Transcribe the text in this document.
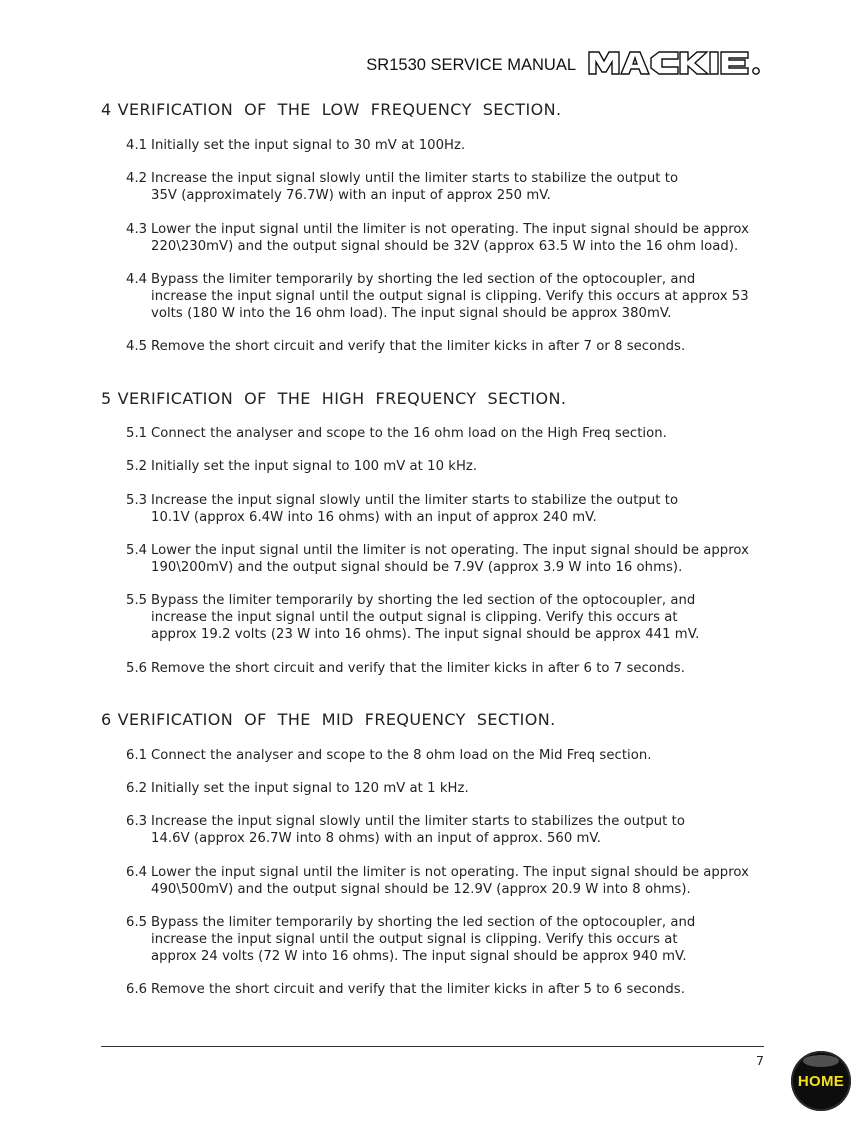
SR1530 SERVICE MANUAL
MACKIE
4 VERIFICATION  OF  THE  LOW  FREQUENCY  SECTION.
4.1 Initially set the input signal to 30 mV at 100Hz.
4.2 Increase the input signal slowly until the limiter starts to stabilize the output to
35V (approximately 76.7W) with an input of approx 250 mV.
4.3 Lower the input signal until the limiter is not operating. The input signal should be approx
220\230mV) and the output signal should be 32V (approx 63.5 W into the 16 ohm load).
4.4 Bypass the limiter temporarily by shorting the led section of the optocoupler, and
increase the input signal until the output signal is clipping. Verify this occurs at approx 53
volts (180 W into the 16 ohm load). The input signal should be approx 380mV.
4.5 Remove the short circuit and verify that the limiter kicks in after 7 or 8 seconds.
5 VERIFICATION  OF  THE  HIGH  FREQUENCY  SECTION.
5.1 Connect the analyser and scope to the 16 ohm load on the High Freq section.
5.2 Initially set the input signal to 100 mV at 10 kHz.
5.3 Increase the input signal slowly until the limiter starts to stabilize the output to
10.1V (approx 6.4W into 16 ohms) with an input of approx 240 mV.
5.4 Lower the input signal until the limiter is not operating. The input signal should be approx
190\200mV) and the output signal should be 7.9V (approx 3.9 W into 16 ohms).
5.5 Bypass the limiter temporarily by shorting the led section of the optocoupler, and
increase the input signal until the output signal is clipping. Verify this occurs at
approx 19.2 volts (23 W into 16 ohms). The input signal should be approx 441 mV.
5.6 Remove the short circuit and verify that the limiter kicks in after 6 to 7 seconds.
6 VERIFICATION  OF  THE  MID  FREQUENCY  SECTION.
6.1 Connect the analyser and scope to the 8 ohm load on the Mid Freq section.
6.2 Initially set the input signal to 120 mV at 1 kHz.
6.3 Increase the input signal slowly until the limiter starts to stabilizes the output to
14.6V (approx 26.7W into 8 ohms) with an input of approx. 560 mV.
6.4 Lower the input signal until the limiter is not operating. The input signal should be approx
490\500mV) and the output signal should be 12.9V (approx 20.9 W into 8 ohms).
6.5 Bypass the limiter temporarily by shorting the led section of the optocoupler, and
increase the input signal until the output signal is clipping. Verify this occurs at
approx 24 volts (72 W into 16 ohms). The input signal should be approx 940 mV.
6.6 Remove the short circuit and verify that the limiter kicks in after 5 to 6 seconds.
7
HOME
